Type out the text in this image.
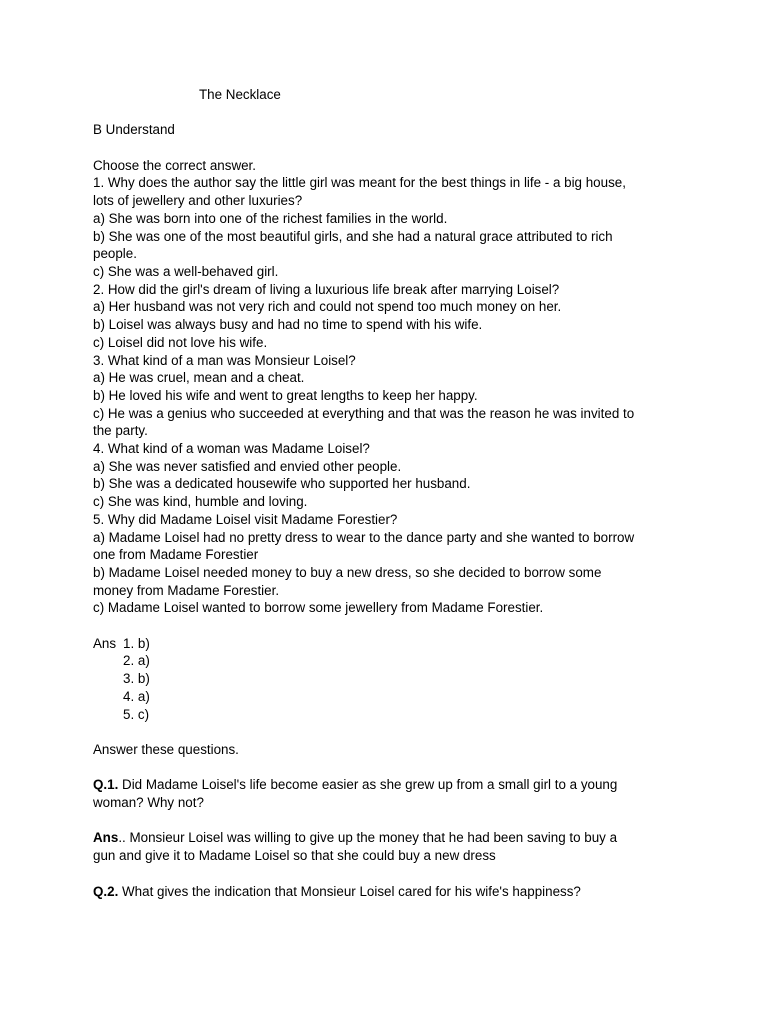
The Necklace
B Understand
Choose the correct answer.
1. Why does the author say the little girl was meant for the best things in life - a big house,
lots of jewellery and other luxuries?
a) She was born into one of the richest families in the world.
b) She was one of the most beautiful girls, and she had a natural grace attributed to rich
people.
c) She was a well-behaved girl.
2. How did the girl's dream of living a luxurious life break after marrying Loisel?
a) Her husband was not very rich and could not spend too much money on her.
b) Loisel was always busy and had no time to spend with his wife.
c) Loisel did not love his wife.
3. What kind of a man was Monsieur Loisel?
a) He was cruel, mean and a cheat.
b) He loved his wife and went to great lengths to keep her happy.
c) He was a genius who succeeded at everything and that was the reason he was invited to
the party.
4. What kind of a woman was Madame Loisel?
a) She was never satisfied and envied other people.
b) She was a dedicated housewife who supported her husband.
c) She was kind, humble and loving.
5. Why did Madame Loisel visit Madame Forestier?
a) Madame Loisel had no pretty dress to wear to the dance party and she wanted to borrow
one from Madame Forestier
b) Madame Loisel needed money to buy a new dress, so she decided to borrow some
money from Madame Forestier.
c) Madame Loisel wanted to borrow some jewellery from Madame Forestier.
Ans 1. b)
2. a)
3. b)
4. a)
5. c)
Answer these questions.
Q.1. Did Madame Loisel's life become easier as she grew up from a small girl to a young
woman? Why not?
Ans.. Monsieur Loisel was willing to give up the money that he had been saving to buy a
gun and give it to Madame Loisel so that she could buy a new dress
Q.2. What gives the indication that Monsieur Loisel cared for his wife's happiness?
